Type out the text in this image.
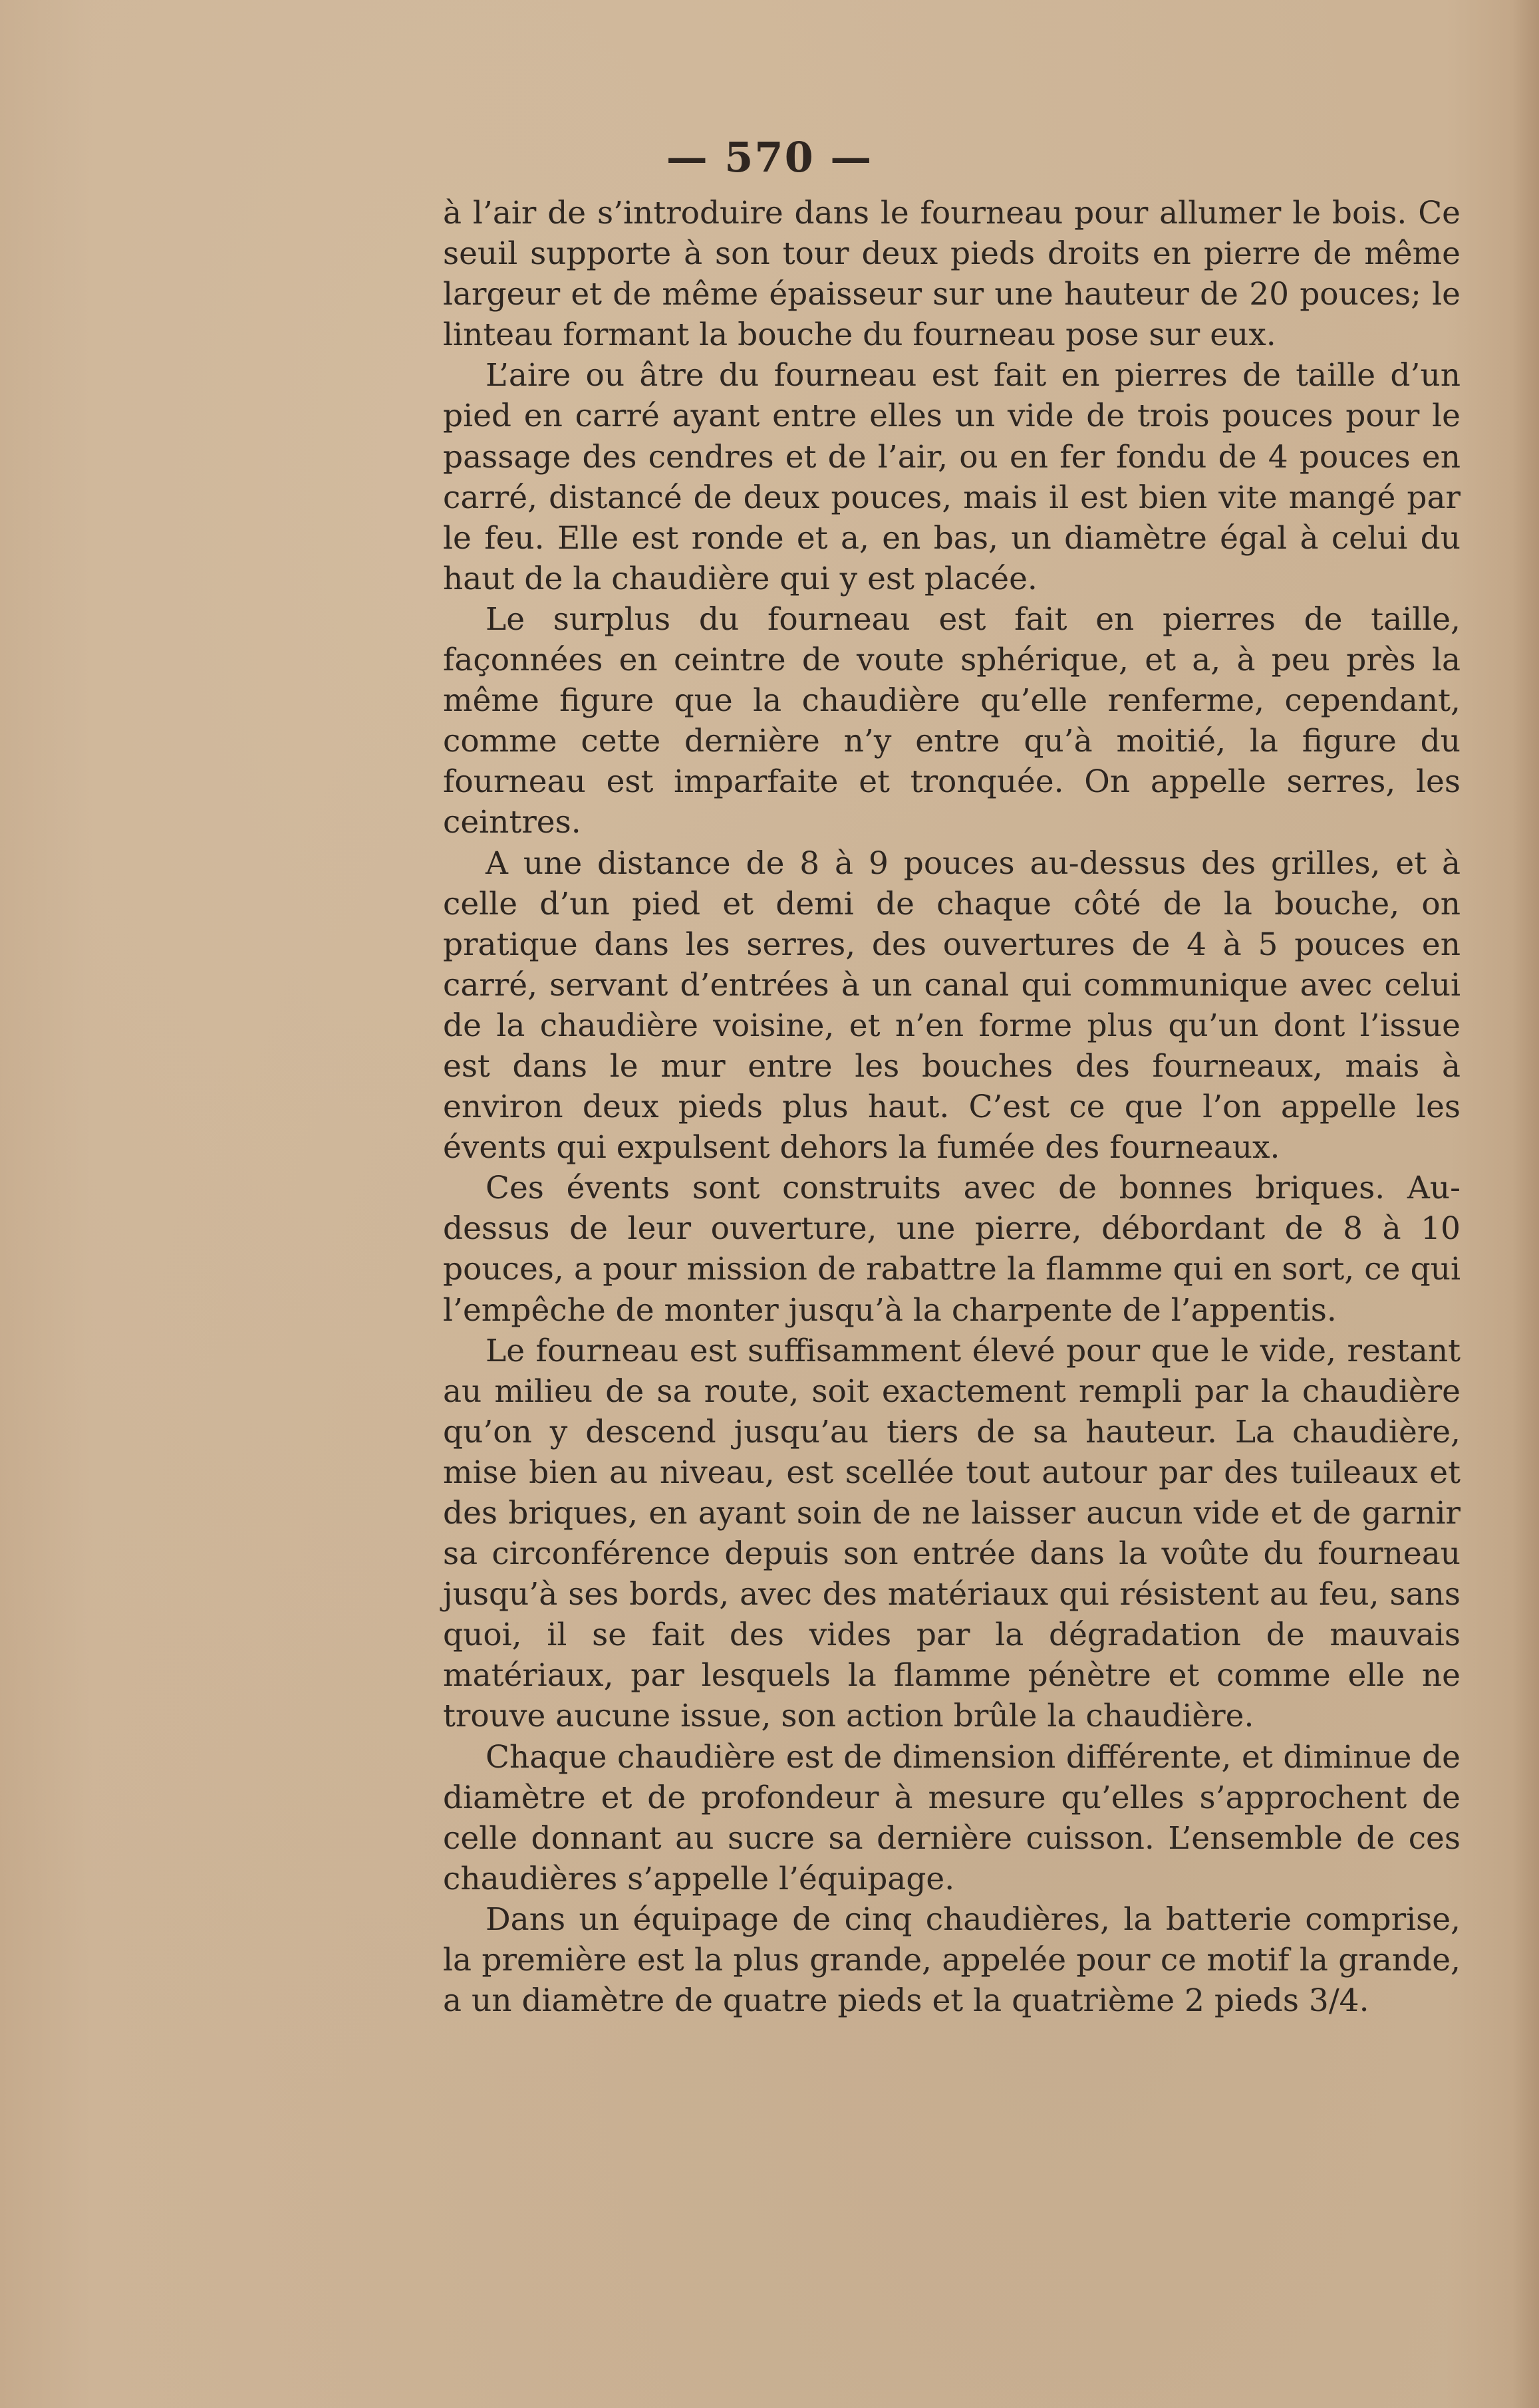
— 570 —

à l’air de s’introduire dans le fourneau pour allumer le bois. Ce seuil supporte à son tour deux pieds droits en pierre de même largeur et de même épaisseur sur une hauteur de 20 pouces; le linteau formant la bouche du fourneau pose sur eux.

L’aire ou âtre du fourneau est fait en pierres de taille d’un pied en carré ayant entre elles un vide de trois pouces pour le passage des cendres et de l’air, ou en fer fondu de 4 pouces en carré, distancé de deux pouces, mais il est bien vite mangé par le feu. Elle est ronde et a, en bas, un diamètre égal à celui du haut de la chaudière qui y est placée.

Le surplus du fourneau est fait en pierres de taille, façonnées en ceintre de voute sphérique, et a, à peu près la même figure que la chaudière qu’elle renferme, cependant, comme cette dernière n’y entre qu’à moitié, la figure du fourneau est imparfaite et tronquée. On appelle serres, les ceintres.

A une distance de 8 à 9 pouces au-dessus des grilles, et à celle d’un pied et demi de chaque côté de la bouche, on pratique dans les serres, des ouvertures de 4 à 5 pouces en carré, servant d’entrées à un canal qui communique avec celui de la chaudière voisine, et n’en forme plus qu’un dont l’issue est dans le mur entre les bouches des fourneaux, mais à environ deux pieds plus haut. C’est ce que l’on appelle les évents qui expulsent dehors la fumée des fourneaux.

Ces évents sont construits avec de bonnes briques. Au-dessus de leur ouverture, une pierre, débordant de 8 à 10 pouces, a pour mission de rabattre la flamme qui en sort, ce qui l’empêche de monter jusqu’à la charpente de l’appentis.

Le fourneau est suffisamment élevé pour que le vide, restant au milieu de sa route, soit exactement rempli par la chaudière qu’on y descend jusqu’au tiers de sa hauteur. La chaudière, mise bien au niveau, est scellée tout autour par des tuileaux et des briques, en ayant soin de ne laisser aucun vide et de garnir sa circonférence depuis son entrée dans la voûte du fourneau jusqu’à ses bords, avec des matériaux qui résistent au feu, sans quoi, il se fait des vides par la dégradation de mauvais matériaux, par lesquels la flamme pénètre et comme elle ne trouve aucune issue, son action brûle la chaudière.

Chaque chaudière est de dimension différente, et diminue de diamètre et de profondeur à mesure qu’elles s’approchent de celle donnant au sucre sa dernière cuisson. L’ensemble de ces chaudières s’appelle l’équipage.

Dans un équipage de cinq chaudières, la batterie comprise, la première est la plus grande, appelée pour ce motif la grande, a un diamètre de quatre pieds et la quatrième 2 pieds 3/4.
